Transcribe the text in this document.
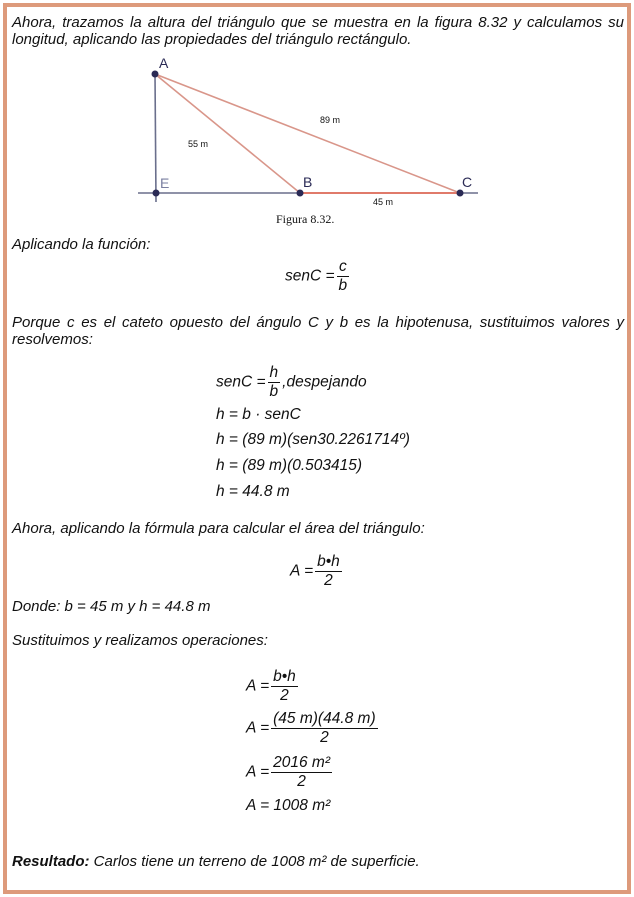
Ahora, trazamos la altura del triángulo que se muestra en la figura 8.32 y calculamos su longitud, aplicando las propiedades del triángulo rectángulo.
A
E	B	C
55 m
89 m
45 m
Figura 8.32.
Aplicando la función:
senC = $\frac{c}{b}$
Porque c es el cateto opuesto del ángulo C y b es la hipotenusa, sustituimos valores y resolvemos:
senC = $\frac{h}{b}$ ,despejando
h = b · senC
h = (89 m)(sen30.2261714º)
h = (89 m)(0.503415)
h = 44.8 m
Ahora, aplicando la fórmula para calcular el área del triángulo:
$A = \frac{b•h}{2}$
Donde: b = 45 m y h = 44.8 m
Sustituimos y realizamos operaciones:
$A = \frac{b•h}{2}$
$A = \frac{(45 m)(44.8 m)}{2}$
$A = \frac{\text{2016 m²}}{2}$
A = 1008 m²
Resultado: Carlos tiene un terreno de 1008 m² de superficie.
